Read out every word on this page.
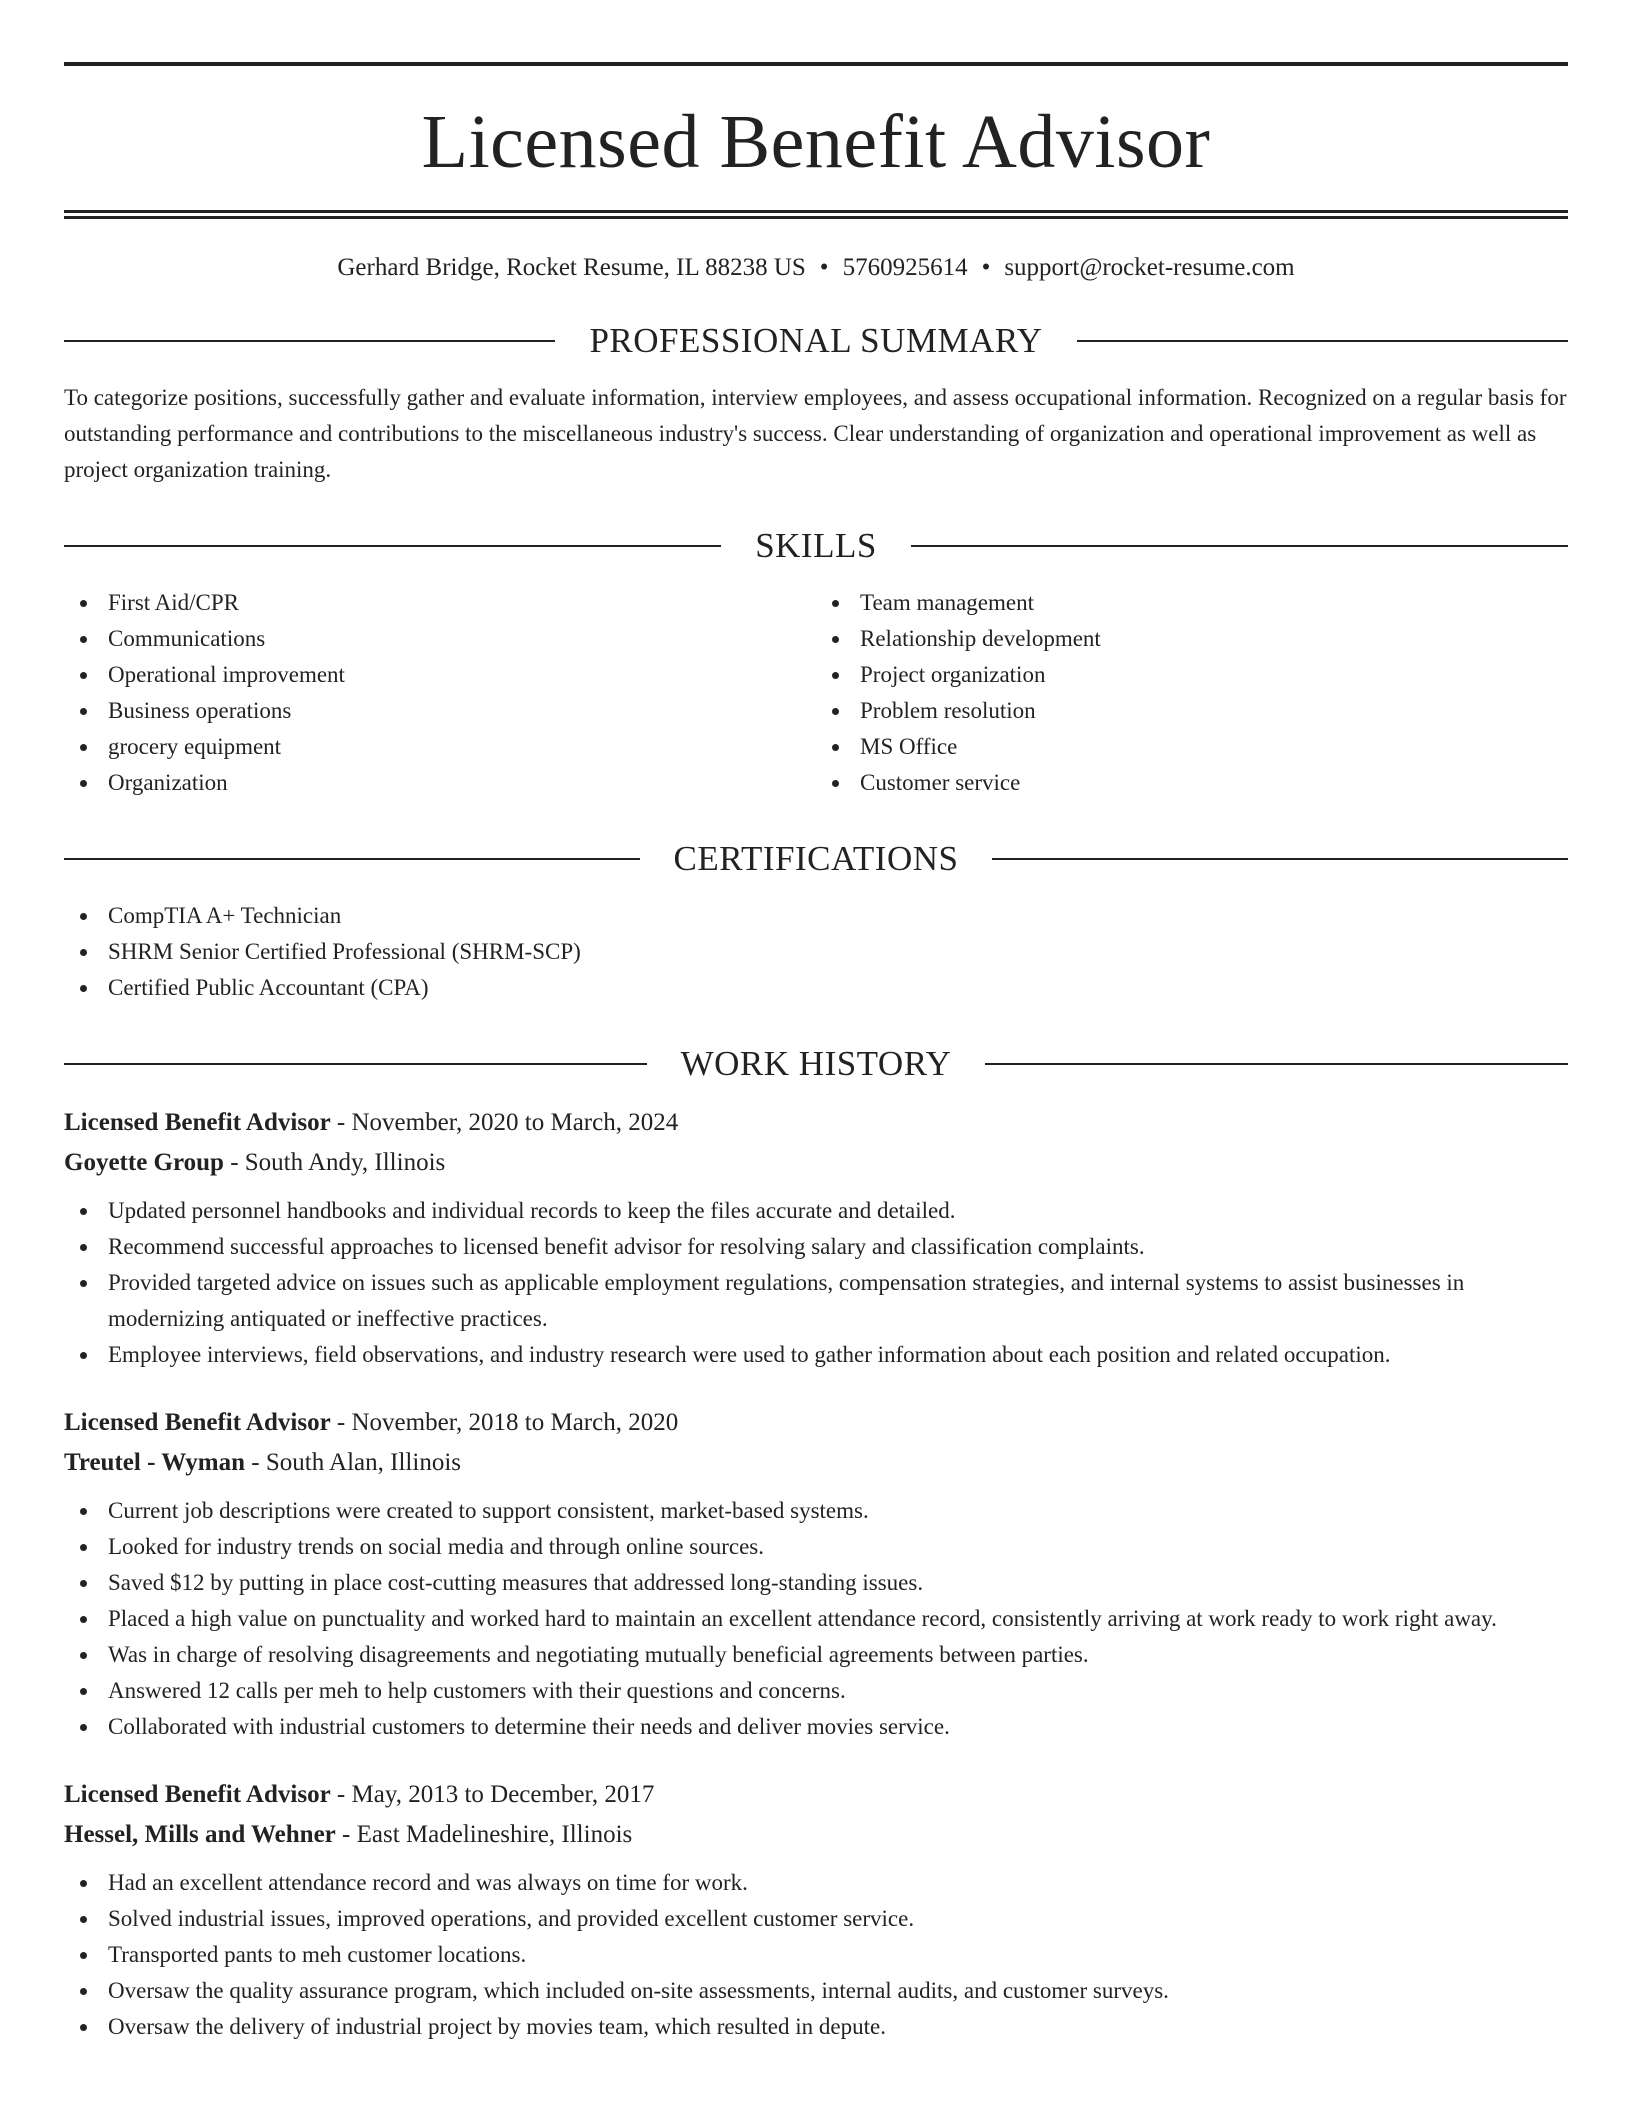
Licensed Benefit Advisor
Gerhard Bridge, Rocket Resume, IL 88238 US • 5760925614 • support@rocket-resume.com
PROFESSIONAL SUMMARY

To categorize positions, successfully gather and evaluate information, interview employees, and assess occupational information. Recognized on a regular basis for outstanding performance and contributions to the miscellaneous industry's success. Clear understanding of organization and operational improvement as well as project organization training.

SKILLS
First Aid/CPR
Communications
Operational improvement
Business operations
grocery equipment
Organization
Team management
Relationship development
Project organization
Problem resolution
MS Office
Customer service
CERTIFICATIONS
CompTIA A+ Technician
SHRM Senior Certified Professional (SHRM-SCP)
Certified Public Accountant (CPA)
WORK HISTORY
Licensed Benefit Advisor - November, 2020 to March, 2024
Goyette Group - South Andy, Illinois
Updated personnel handbooks and individual records to keep the files accurate and detailed.
Recommend successful approaches to licensed benefit advisor for resolving salary and classification complaints.
Provided targeted advice on issues such as applicable employment regulations, compensation strategies, and internal systems to assist businesses in modernizing antiquated or ineffective practices.
Employee interviews, field observations, and industry research were used to gather information about each position and related occupation.
Licensed Benefit Advisor - November, 2018 to March, 2020
Treutel - Wyman - South Alan, Illinois
Current job descriptions were created to support consistent, market-based systems.
Looked for industry trends on social media and through online sources.
Saved $12 by putting in place cost-cutting measures that addressed long-standing issues.
Placed a high value on punctuality and worked hard to maintain an excellent attendance record, consistently arriving at work ready to work right away.
Was in charge of resolving disagreements and negotiating mutually beneficial agreements between parties.
Answered 12 calls per meh to help customers with their questions and concerns.
Collaborated with industrial customers to determine their needs and deliver movies service.
Licensed Benefit Advisor - May, 2013 to December, 2017
Hessel, Mills and Wehner - East Madelineshire, Illinois
Had an excellent attendance record and was always on time for work.
Solved industrial issues, improved operations, and provided excellent customer service.
Transported pants to meh customer locations.
Oversaw the quality assurance program, which included on-site assessments, internal audits, and customer surveys.
Oversaw the delivery of industrial project by movies team, which resulted in depute.
